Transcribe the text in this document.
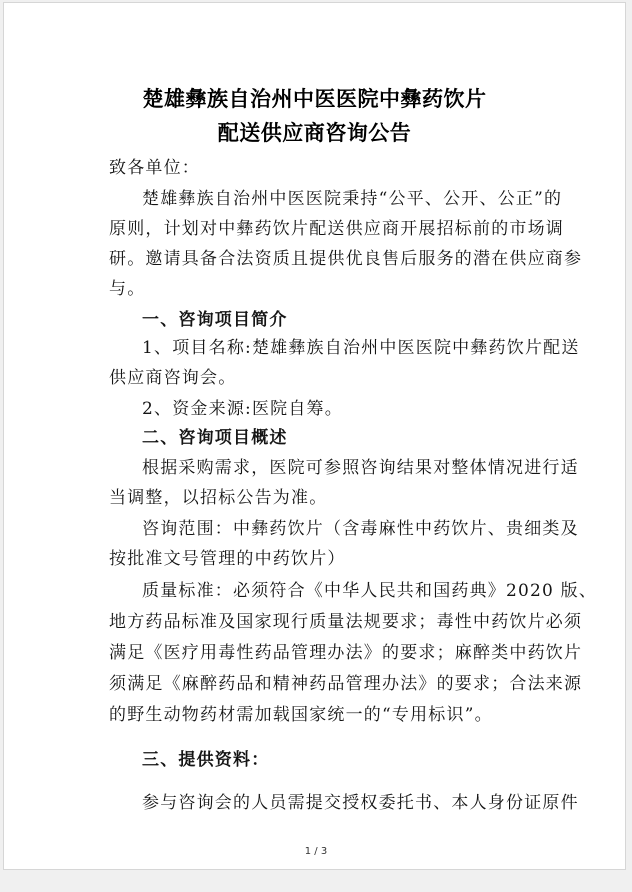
楚雄彝族自治州中医医院中彝药饮片
配送供应商咨询公告
致各单位：
楚雄彝族自治州中医医院秉持“公平、公开、公正”的
原则，计划对中彝药饮片配送供应商开展招标前的市场调
研。邀请具备合法资质且提供优良售后服务的潜在供应商参
与。
一、咨询项目简介
1、项目名称:楚雄彝族自治州中医医院中彝药饮片配送
供应商咨询会。
2、资金来源:医院自筹。
二、咨询项目概述
根据采购需求，医院可参照咨询结果对整体情况进行适
当调整，以招标公告为准。
咨询范围：中彝药饮片（含毒麻性中药饮片、贵细类及
按批准文号管理的中药饮片）
质量标准：必须符合《中华人民共和国药典》2020 版、
地方药品标准及国家现行质量法规要求；毒性中药饮片必须
满足《医疗用毒性药品管理办法》的要求；麻醉类中药饮片
须满足《麻醉药品和精神药品管理办法》的要求；合法来源
的野生动物药材需加载国家统一的“专用标识”。
三、提供资料：
参与咨询会的人员需提交授权委托书、本人身份证原件
1 / 3
